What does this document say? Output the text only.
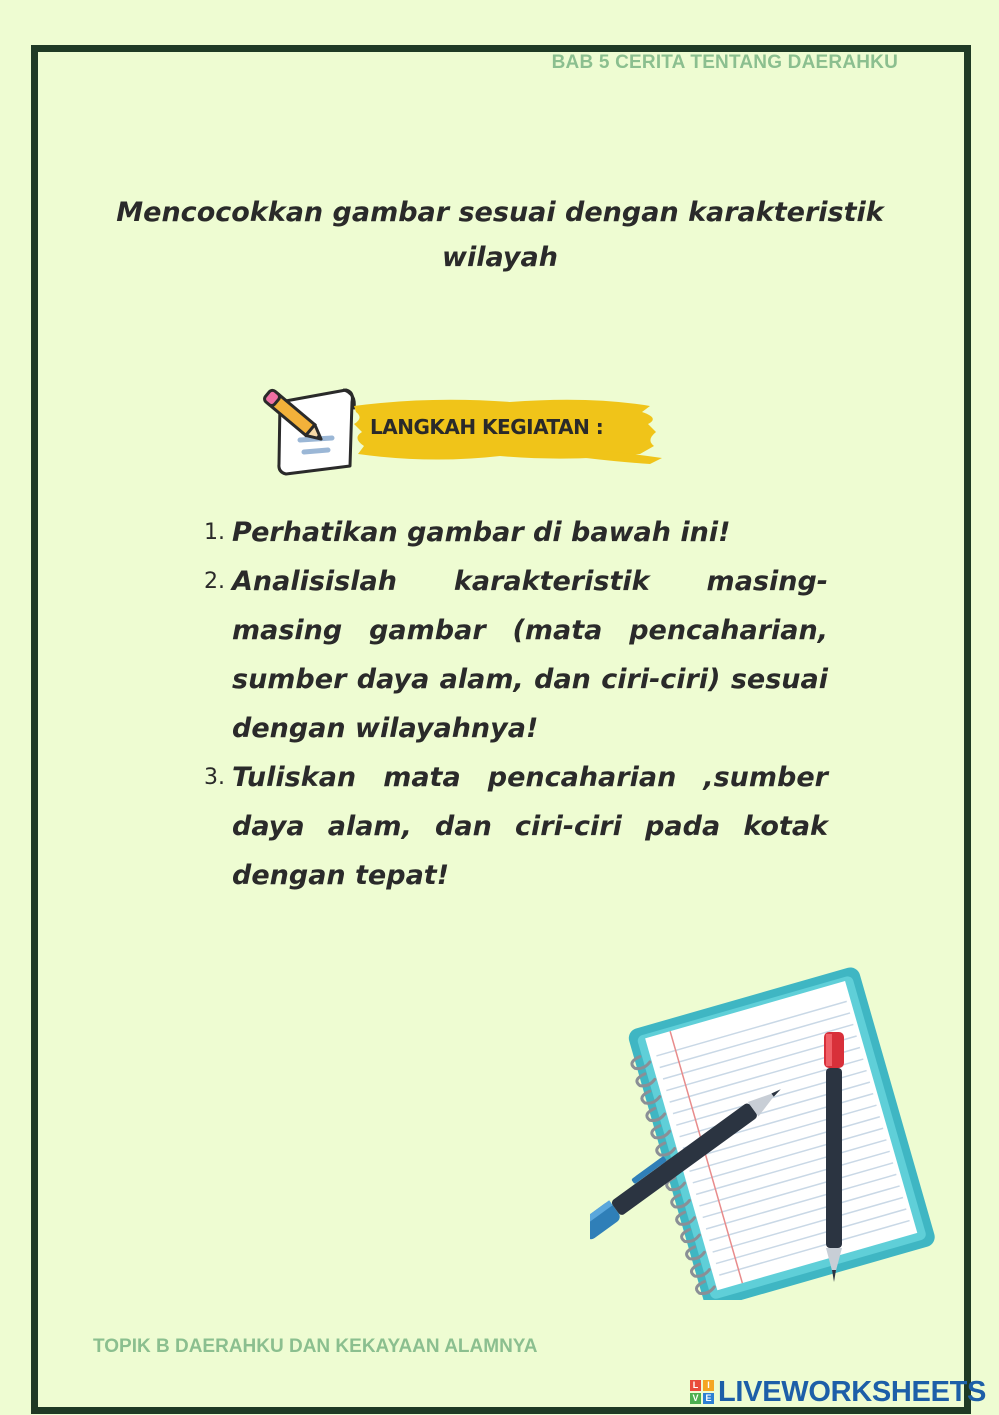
BAB 5 CERITA TENTANG DAERAHKU
Mencocokkan gambar sesuai dengan karakteristik wilayah
LANGKAH KEGIATAN :
1. Perhatikan gambar di bawah ini!
2. Analisislah karakteristik masing-masing gambar (mata pencaharian, sumber daya alam, dan ciri-ciri) sesuai dengan wilayahnya!
3. Tuliskan mata pencaharian ,sumber daya alam, dan ciri-ciri pada kotak dengan tepat!
TOPIK B DAERAHKU DAN KEKAYAAN ALAMNYA
L I
V E LIVEWORKSHEETS
